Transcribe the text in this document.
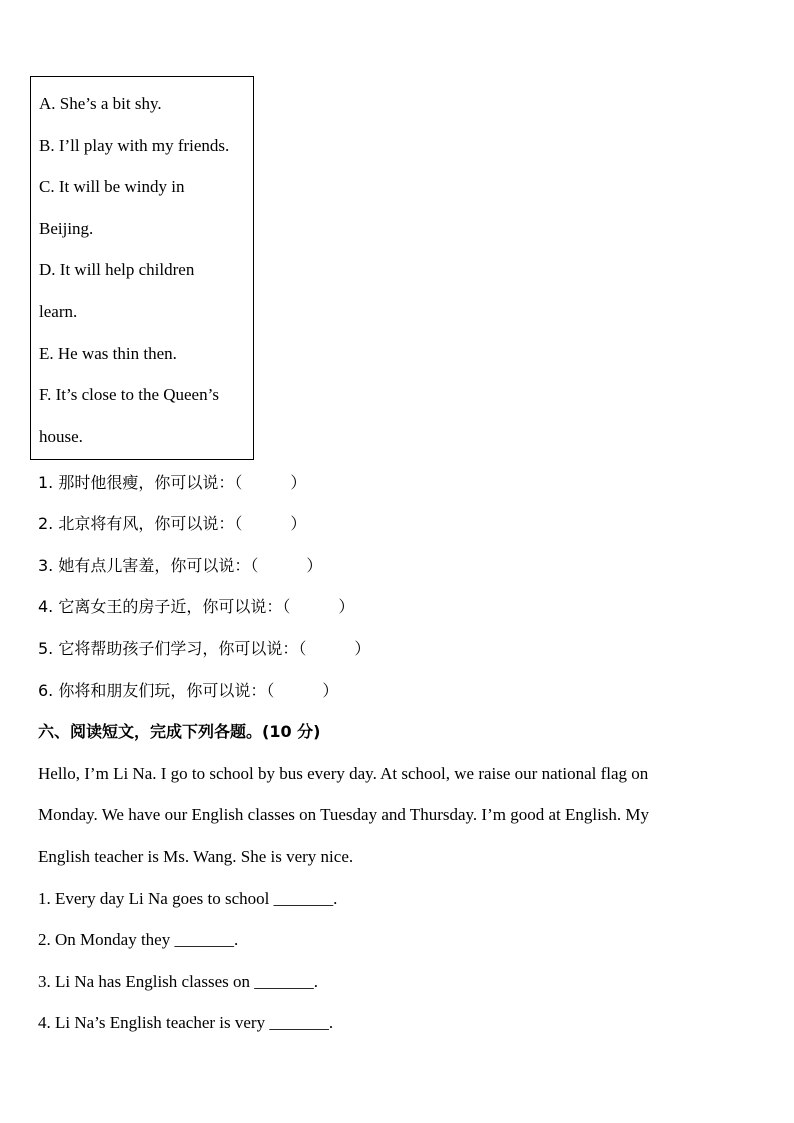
A. She’s a bit shy.
B. I’ll play with my friends.
C. It will be windy in
Beijing.
D. It will help children
learn.
E. He was thin then.
F. It’s close to the Queen’s
house.
1. 那时他很瘦，你可以说：（　　　）
2. 北京将有风，你可以说：（　　　）
3. 她有点儿害羞，你可以说：（　　　）
4. 它离女王的房子近，你可以说：（　　　）
5. 它将帮助孩子们学习，你可以说：（　　　）
6. 你将和朋友们玩，你可以说：（　　　）
六、阅读短文，完成下列各题。(10 分)
Hello, I’m Li Na. I go to school by bus every day. At school, we raise our national flag on
Monday. We have our English classes on Tuesday and Thursday. I’m good at English. My
English teacher is Ms. Wang. She is very nice.
1. Every day Li Na goes to school _______.
2. On Monday they _______.
3. Li Na has English classes on _______.
4. Li Na’s English teacher is very _______.
